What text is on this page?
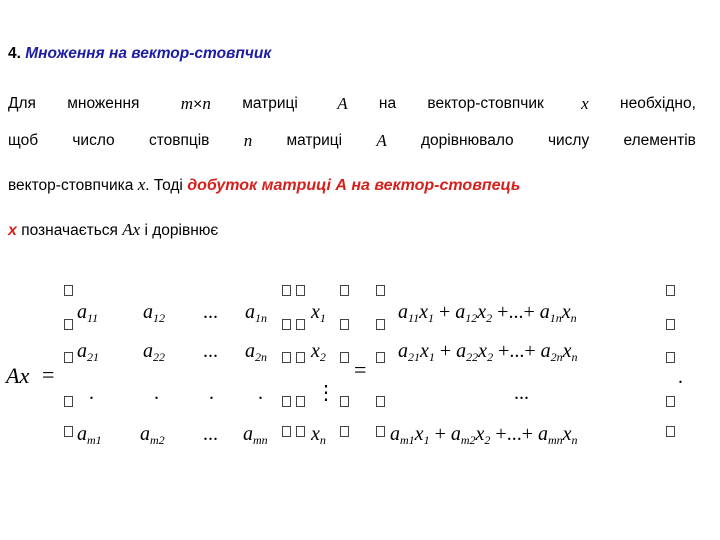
4. Множення на вектор-стовпчик
Для множення m×n матриці A на вектор-стовпчик x необхідно,
щоб число стовпців n матриці A дорівнювало числу елементів
вектор-стовпчика x. Тоді добуток матриці А на вектор-стовпець
x позначається Ax і дорівнює
Ax =
$a_{11}$ $a_{12}$ ... $a_{1n}$
$a_{21}$ $a_{22}$ ... $a_{2n}$
.	.	. .
$a_{m1}$ $a_{m2}$ ... $a_{mn}$
$x_1$
$x_2$
⋮
$x_n$
=
$a_{11}x_1 + a_{12}x_2$ +...+ $a_{1n}x_n$
$a_{21}x_1 + a_{22}x_2$ +...+ $a_{2n}x_n$
...
$a_{m1}x_1 + a_{m2}x_2$ +...+ $a_{mn}x_n$
.
